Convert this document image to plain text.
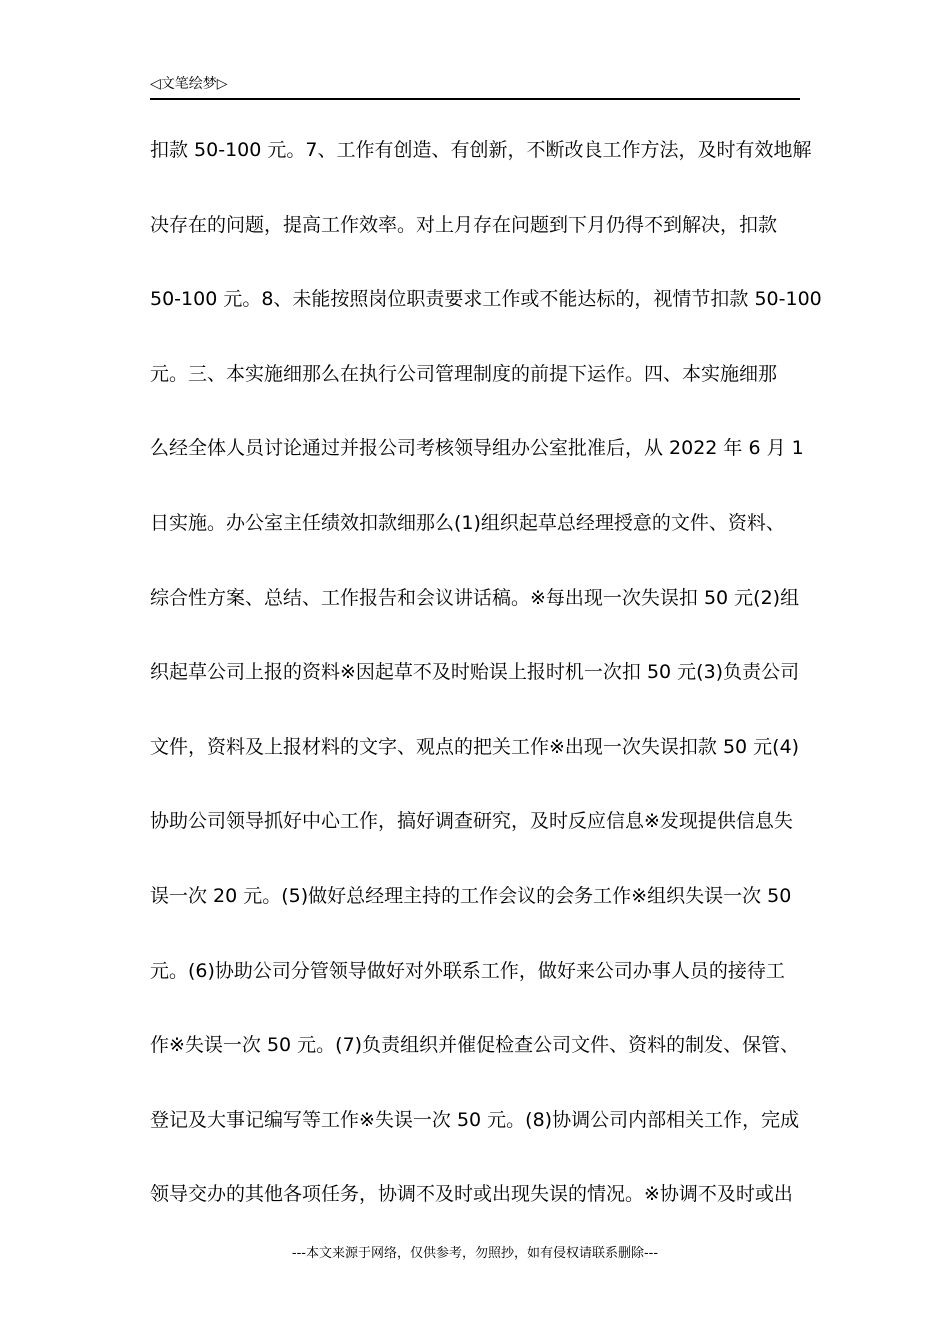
◁文笔绘梦▷
扣款 50-100 元。7、工作有创造、有创新，不断改良工作方法，及时有效地解
决存在的问题，提高工作效率。对上月存在问题到下月仍得不到解决，扣款
50-100 元。8、未能按照岗位职责要求工作或不能达标的，视情节扣款 50-100
元。三、本实施细那么在执行公司管理制度的前提下运作。四、本实施细那
么经全体人员讨论通过并报公司考核领导组办公室批准后，从 2022 年 6 月 1
日实施。办公室主任绩效扣款细那么(1)组织起草总经理授意的文件、资料、
综合性方案、总结、工作报告和会议讲话稿。※每出现一次失误扣 50 元(2)组
织起草公司上报的资料※因起草不及时贻误上报时机一次扣 50 元(3)负责公司
文件，资料及上报材料的文字、观点的把关工作※出现一次失误扣款 50 元(4)
协助公司领导抓好中心工作，搞好调查研究，及时反应信息※发现提供信息失
误一次 20 元。(5)做好总经理主持的工作会议的会务工作※组织失误一次 50
元。(6)协助公司分管领导做好对外联系工作，做好来公司办事人员的接待工
作※失误一次 50 元。(7)负责组织并催促检查公司文件、资料的制发、保管、
登记及大事记编写等工作※失误一次 50 元。(8)协调公司内部相关工作，完成
领导交办的其他各项任务，协调不及时或出现失误的情况。※协调不及时或出
---本文来源于网络，仅供参考，勿照抄，如有侵权请联系删除---
